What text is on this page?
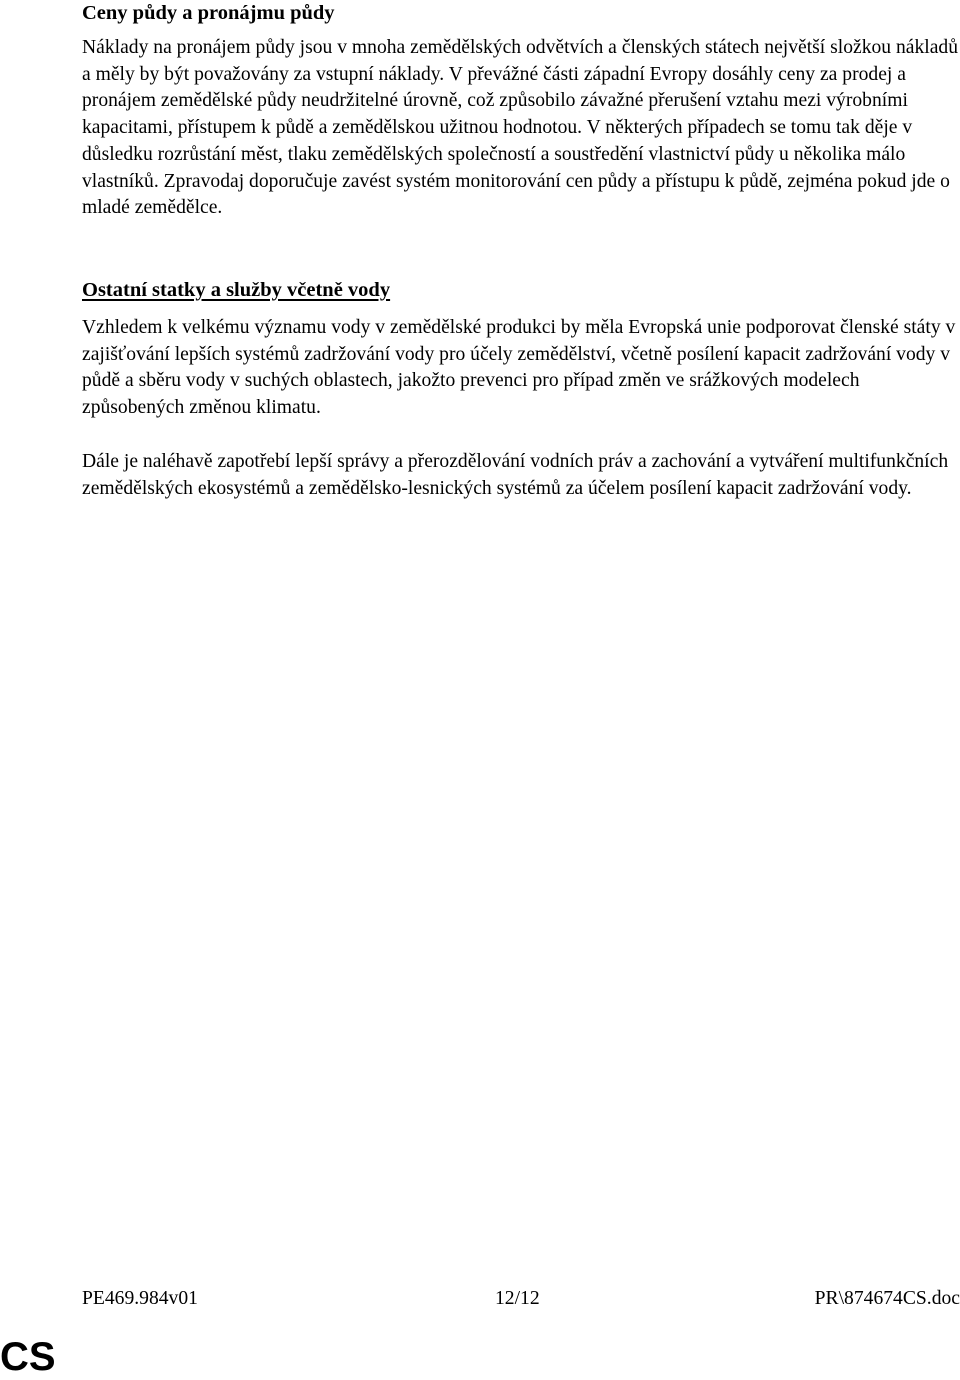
Ceny půdy a pronájmu půdy

Náklady na pronájem půdy jsou v mnoha zemědělských odvětvích a členských státech největší složkou nákladů a měly by být považovány za vstupní náklady. V převážné části západní Evropy dosáhly ceny za prodej a pronájem zemědělské půdy neudržitelné úrovně, což způsobilo závažné přerušení vztahu mezi výrobními kapacitami, přístupem k půdě a zemědělskou užitnou hodnotou. V některých případech se tomu tak děje v důsledku rozrůstání měst, tlaku zemědělských společností a soustředění vlastnictví půdy u několika málo vlastníků. Zpravodaj doporučuje zavést systém monitorování cen půdy a přístupu k půdě, zejména pokud jde o mladé zemědělce.

Ostatní statky a služby včetně vody

Vzhledem k velkému významu vody v zemědělské produkci by měla Evropská unie podporovat členské státy v zajišťování lepších systémů zadržování vody pro účely zemědělství, včetně posílení kapacit zadržování vody v půdě a sběru vody v suchých oblastech, jakožto prevenci pro případ změn ve srážkových modelech způsobených změnou klimatu.

Dále je naléhavě zapotřebí lepší správy a přerozdělování vodních práv a zachování a vytváření multifunkčních zemědělských ekosystémů a zemědělsko-lesnických systémů za účelem posílení kapacit zadržování vody.

PE469.984v01	12/12	PR\874674CS.doc
CS
